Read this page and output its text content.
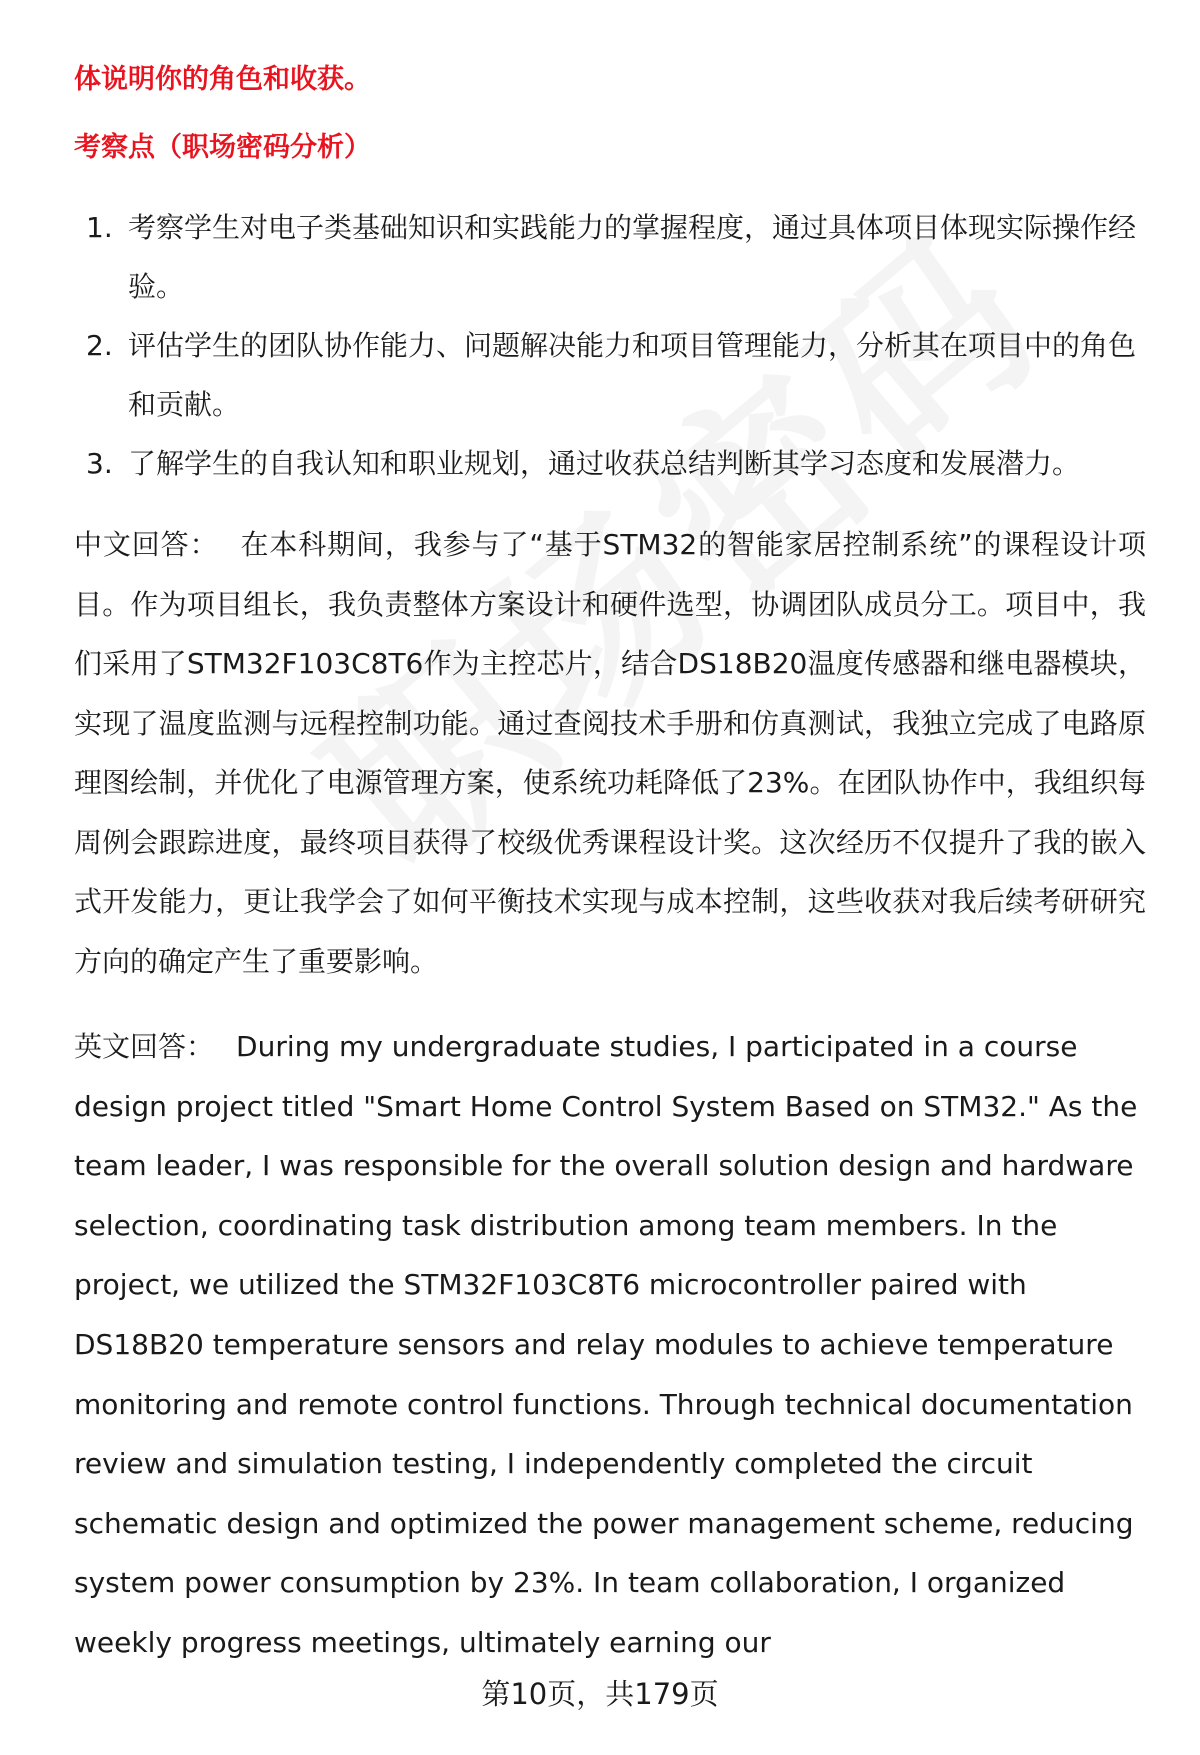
体说明你的角色和收获。

考察点（职场密码分析）

1. 考察学生对电子类基础知识和实践能力的掌握程度，通过具体项目体现实际操作经验。
2. 评估学生的团队协作能力、问题解决能力和项目管理能力，分析其在项目中的角色和贡献。
3. 了解学生的自我认知和职业规划，通过收获总结判断其学习态度和发展潜力。

中文回答： 在本科期间，我参与了“基于STM32的智能家居控制系统”的课程设计项目。作为项目组长，我负责整体方案设计和硬件选型，协调团队成员分工。项目中，我们采用了STM32F103C8T6作为主控芯片，结合DS18B20温度传感器和继电器模块，实现了温度监测与远程控制功能。通过查阅技术手册和仿真测试，我独立完成了电路原理图绘制，并优化了电源管理方案，使系统功耗降低了23%。在团队协作中，我组织每周例会跟踪进度，最终项目获得了校级优秀课程设计奖。这次经历不仅提升了我的嵌入式开发能力，更让我学会了如何平衡技术实现与成本控制，这些收获对我后续考研研究方向的确定产生了重要影响。

英文回答： During my undergraduate studies, I participated in a course design project titled "Smart Home Control System Based on STM32." As the team leader, I was responsible for the overall solution design and hardware selection, coordinating task distribution among team members. In the project, we utilized the STM32F103C8T6 microcontroller paired with DS18B20 temperature sensors and relay modules to achieve temperature monitoring and remote control functions. Through technical documentation review and simulation testing, I independently completed the circuit schematic design and optimized the power management scheme, reducing system power consumption by 23%. In team collaboration, I organized weekly progress meetings, ultimately earning our

第10页，共179页
